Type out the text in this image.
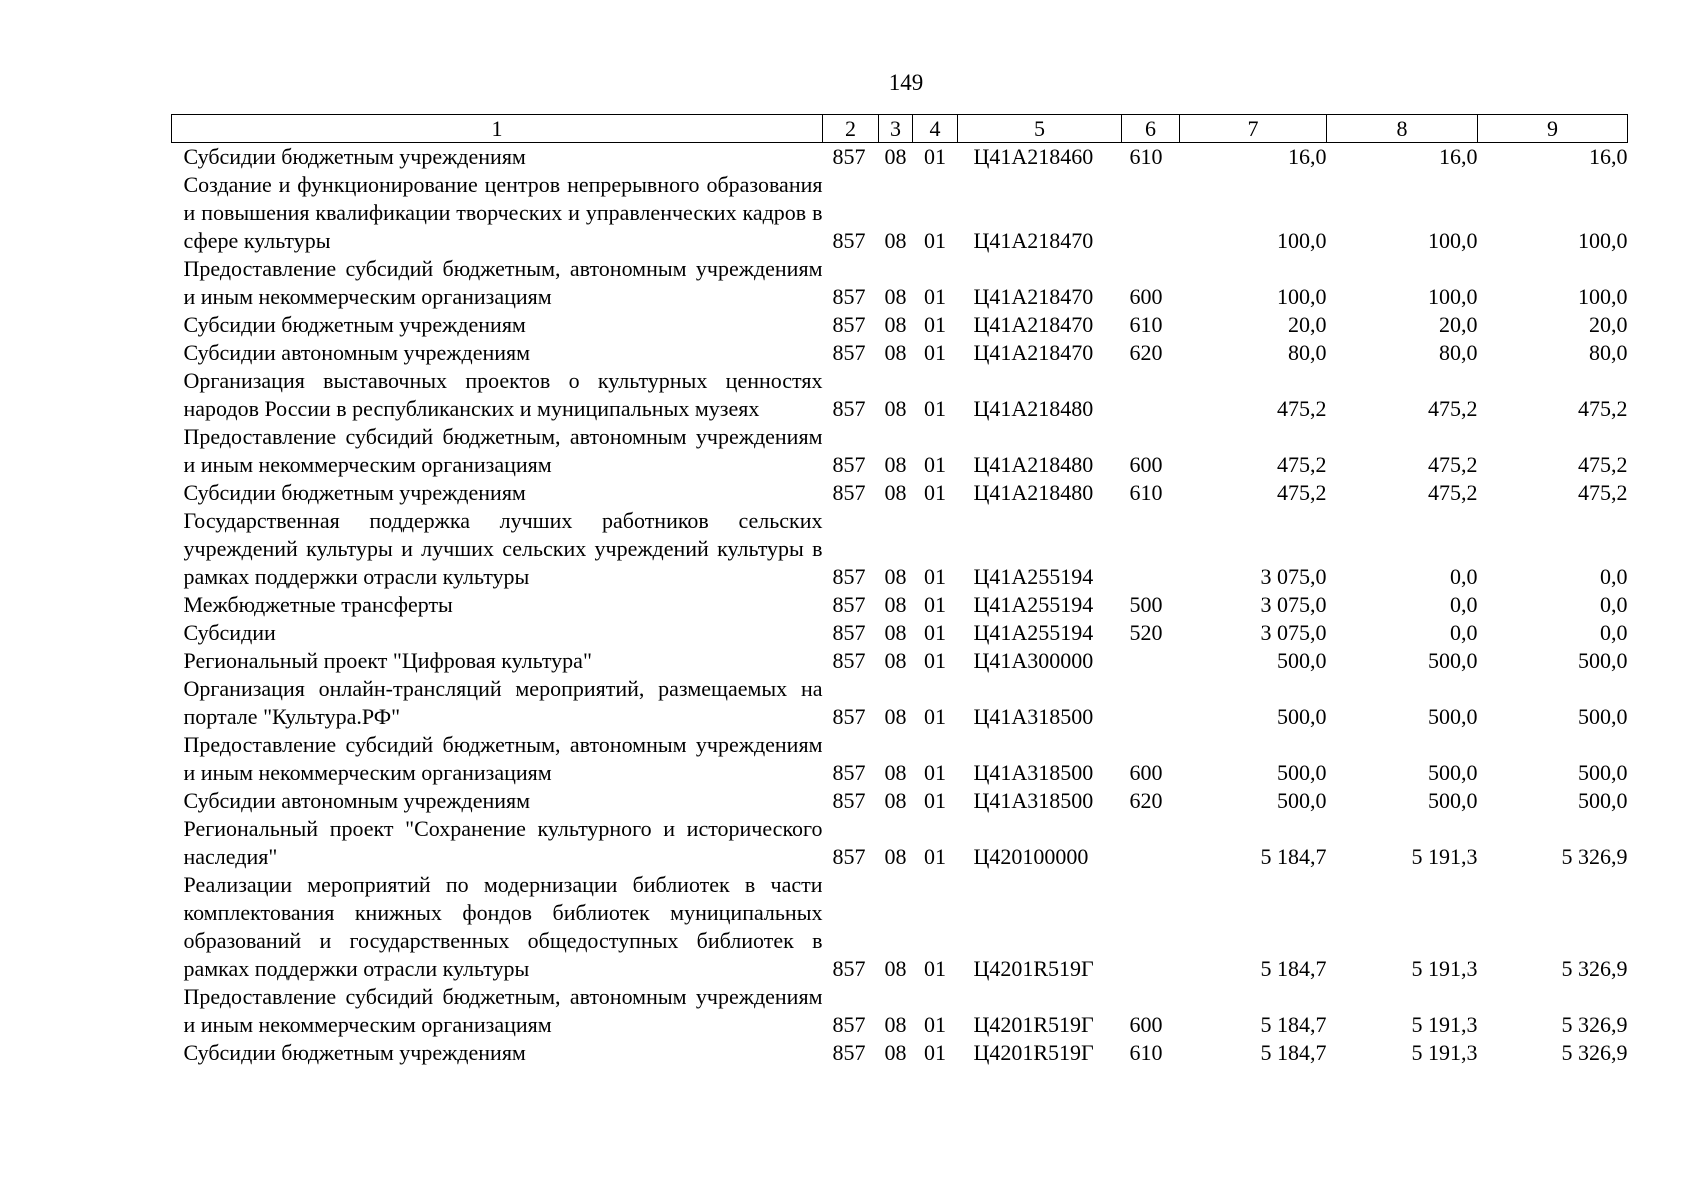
149
1	2	3	4	5	6	7	8	9
Субсидии бюджетным учреждениям	857	08	01	Ц41А218460	610	16,0	16,0	16,0
Создание и функционирование центров непрерывного образования и повышения квалификации творческих и управленческих кадров в сфере культуры	857	08	01	Ц41А218470		100,0	100,0	100,0
Предоставление субсидий бюджетным, автономным учреждениям и иным некоммерческим организациям	857	08	01	Ц41А218470	600	100,0	100,0	100,0
Субсидии бюджетным учреждениям	857	08	01	Ц41А218470	610	20,0	20,0	20,0
Субсидии автономным учреждениям	857	08	01	Ц41А218470	620	80,0	80,0	80,0
Организация выставочных проектов о культурных ценностях народов России в республиканских и муниципальных музеях	857	08	01	Ц41А218480		475,2	475,2	475,2
Предоставление субсидий бюджетным, автономным учреждениям и иным некоммерческим организациям	857	08	01	Ц41А218480	600	475,2	475,2	475,2
Субсидии бюджетным учреждениям	857	08	01	Ц41А218480	610	475,2	475,2	475,2
Государственная поддержка лучших работников сельских учреждений культуры и лучших сельских учреждений культуры в рамках поддержки отрасли культуры	857	08	01	Ц41А255194		3 075,0	0,0	0,0
Межбюджетные трансферты	857	08	01	Ц41А255194	500	3 075,0	0,0	0,0
Субсидии	857	08	01	Ц41А255194	520	3 075,0	0,0	0,0
Региональный проект "Цифровая культура"	857	08	01	Ц41А300000		500,0	500,0	500,0
Организация онлайн-трансляций мероприятий, размещаемых на портале "Культура.РФ"	857	08	01	Ц41А318500		500,0	500,0	500,0
Предоставление субсидий бюджетным, автономным учреждениям и иным некоммерческим организациям	857	08	01	Ц41А318500	600	500,0	500,0	500,0
Субсидии автономным учреждениям	857	08	01	Ц41А318500	620	500,0	500,0	500,0
Региональный проект "Сохранение культурного и исторического наследия"	857	08	01	Ц420100000		5 184,7	5 191,3	5 326,9
Реализации мероприятий по модернизации библиотек в части комплектования книжных фондов библиотек муниципальных образований и государственных общедоступных библиотек в рамках поддержки отрасли культуры	857	08	01	Ц4201R519Г		5 184,7	5 191,3	5 326,9
Предоставление субсидий бюджетным, автономным учреждениям и иным некоммерческим организациям	857	08	01	Ц4201R519Г	600	5 184,7	5 191,3	5 326,9
Субсидии бюджетным учреждениям	857	08	01	Ц4201R519Г	610	5 184,7	5 191,3	5 326,9
